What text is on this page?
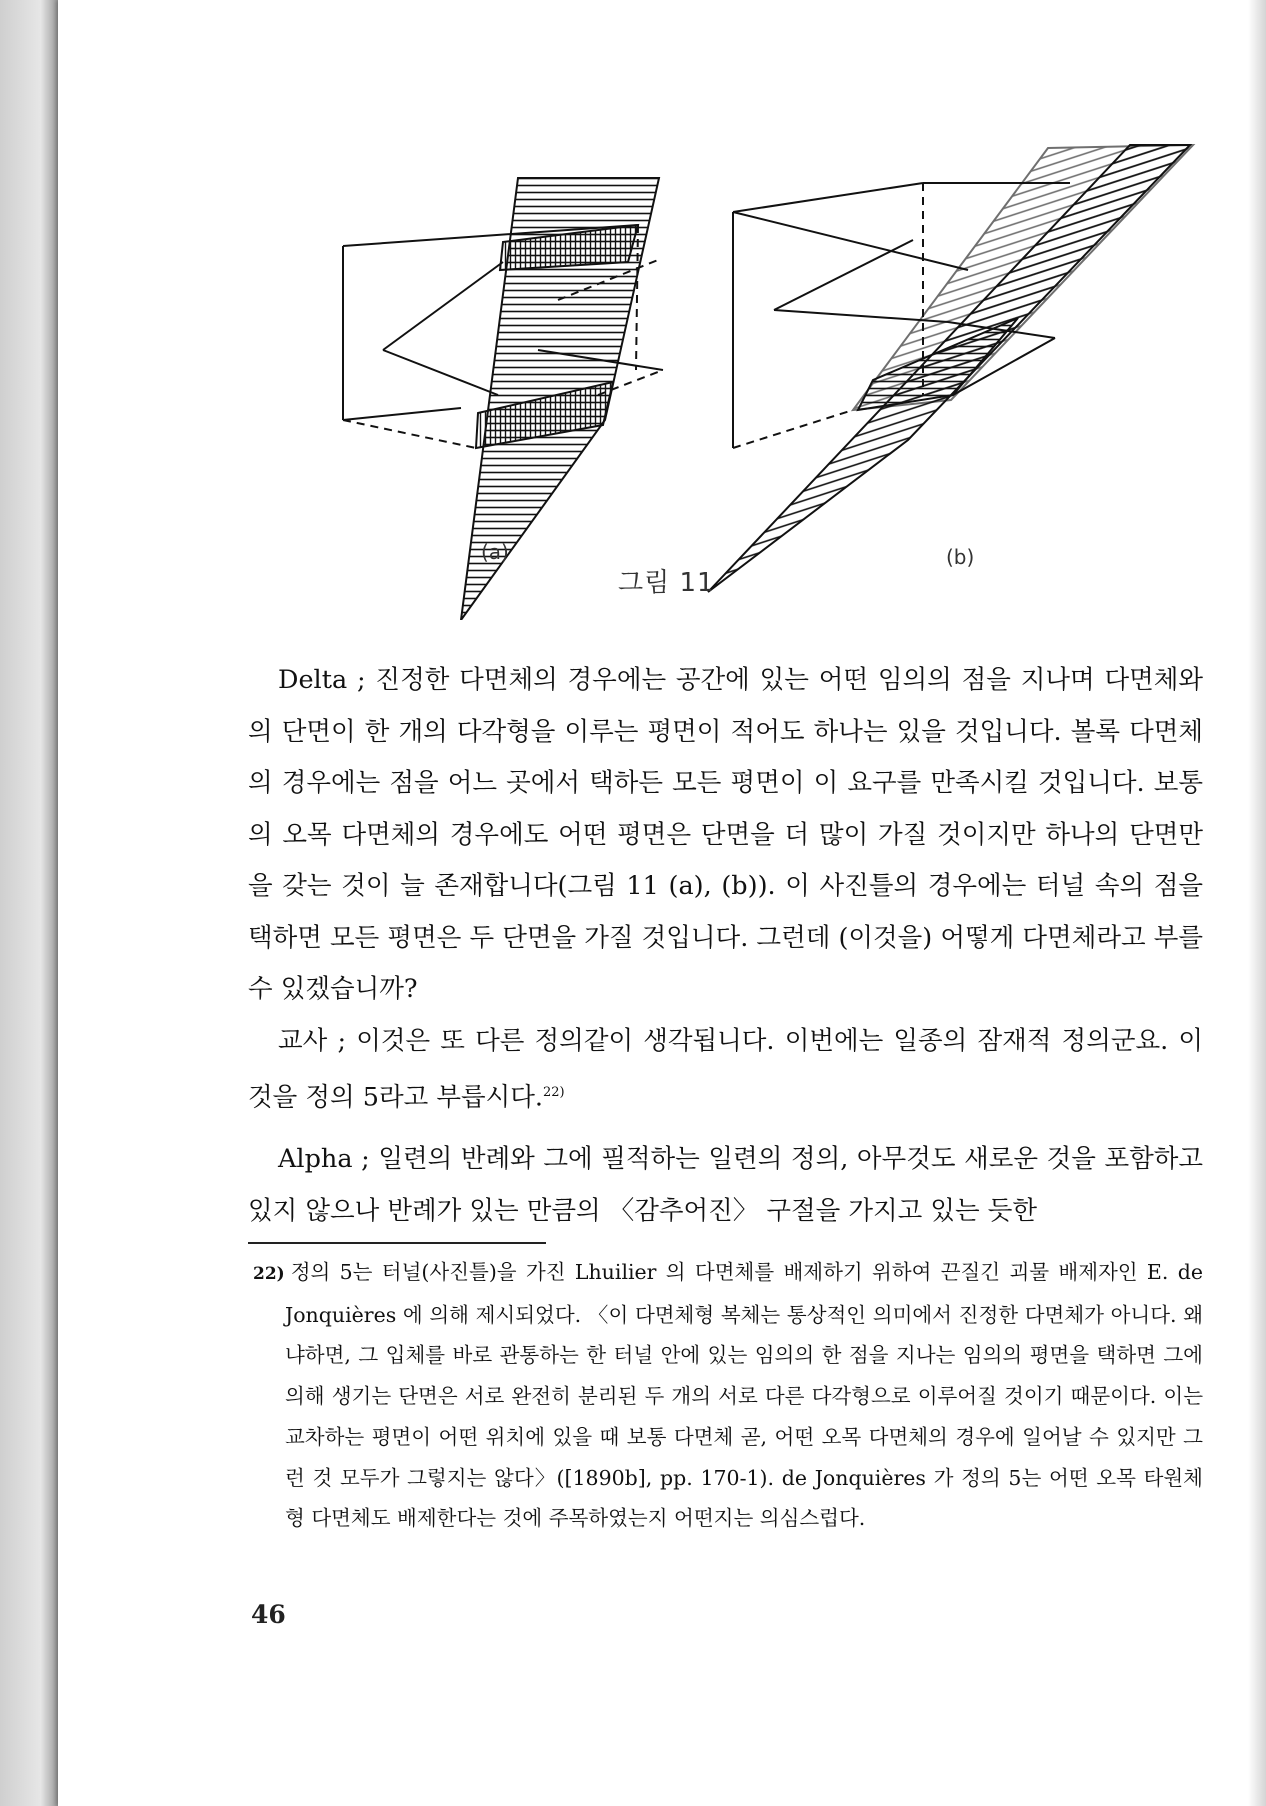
(a)	(b)
그림 11

Delta ; 진정한 다면체의 경우에는 공간에 있는 어떤 임의의 점을 지나며 다면체와의 단면이 한 개의 다각형을 이루는 평면이 적어도 하나는 있을 것입니다. 볼록 다면체의 경우에는 점을 어느 곳에서 택하든 모든 평면이 이 요구를 만족시킬 것입니다. 보통의 오목 다면체의 경우에도 어떤 평면은 단면을 더 많이 가질 것이지만 하나의 단면만을 갖는 것이 늘 존재합니다(그림 11 (a), (b)). 이 사진틀의 경우에는 터널 속의 점을 택하면 모든 평면은 두 단면을 가질 것입니다. 그런데 (이것을) 어떻게 다면체라고 부를 수 있겠습니까?

교사 ; 이것은 또 다른 정의같이 생각됩니다. 이번에는 일종의 잠재적 정의군요. 이것을 정의 5라고 부릅시다.$^{22)}$

Alpha ; 일련의 반례와 그에 필적하는 일련의 정의, 아무것도 새로운 것을 포함하고 있지 않으나 반례가 있는 만큼의 〈감추어진〉 구절을 가지고 있는 듯한

22) 정의 5는 터널(사진틀)을 가진 Lhuilier 의 다면체를 배제하기 위하여 끈질긴 괴물 배제자인 E. de Jonquières 에 의해 제시되었다. 〈이 다면체형 복체는 통상적인 의미에서 진정한 다면체가 아니다. 왜냐하면, 그 입체를 바로 관통하는 한 터널 안에 있는 임의의 한 점을 지나는 임의의 평면을 택하면 그에 의해 생기는 단면은 서로 완전히 분리된 두 개의 서로 다른 다각형으로 이루어질 것이기 때문이다. 이는 교차하는 평면이 어떤 위치에 있을 때 보통 다면체 곧, 어떤 오목 다면체의 경우에 일어날 수 있지만 그런 것 모두가 그렇지는 않다〉([1890b], pp. 170-1). de Jonquières 가 정의 5는 어떤 오목 타원체형 다면체도 배제한다는 것에 주목하였는지 어떤지는 의심스럽다.

46
